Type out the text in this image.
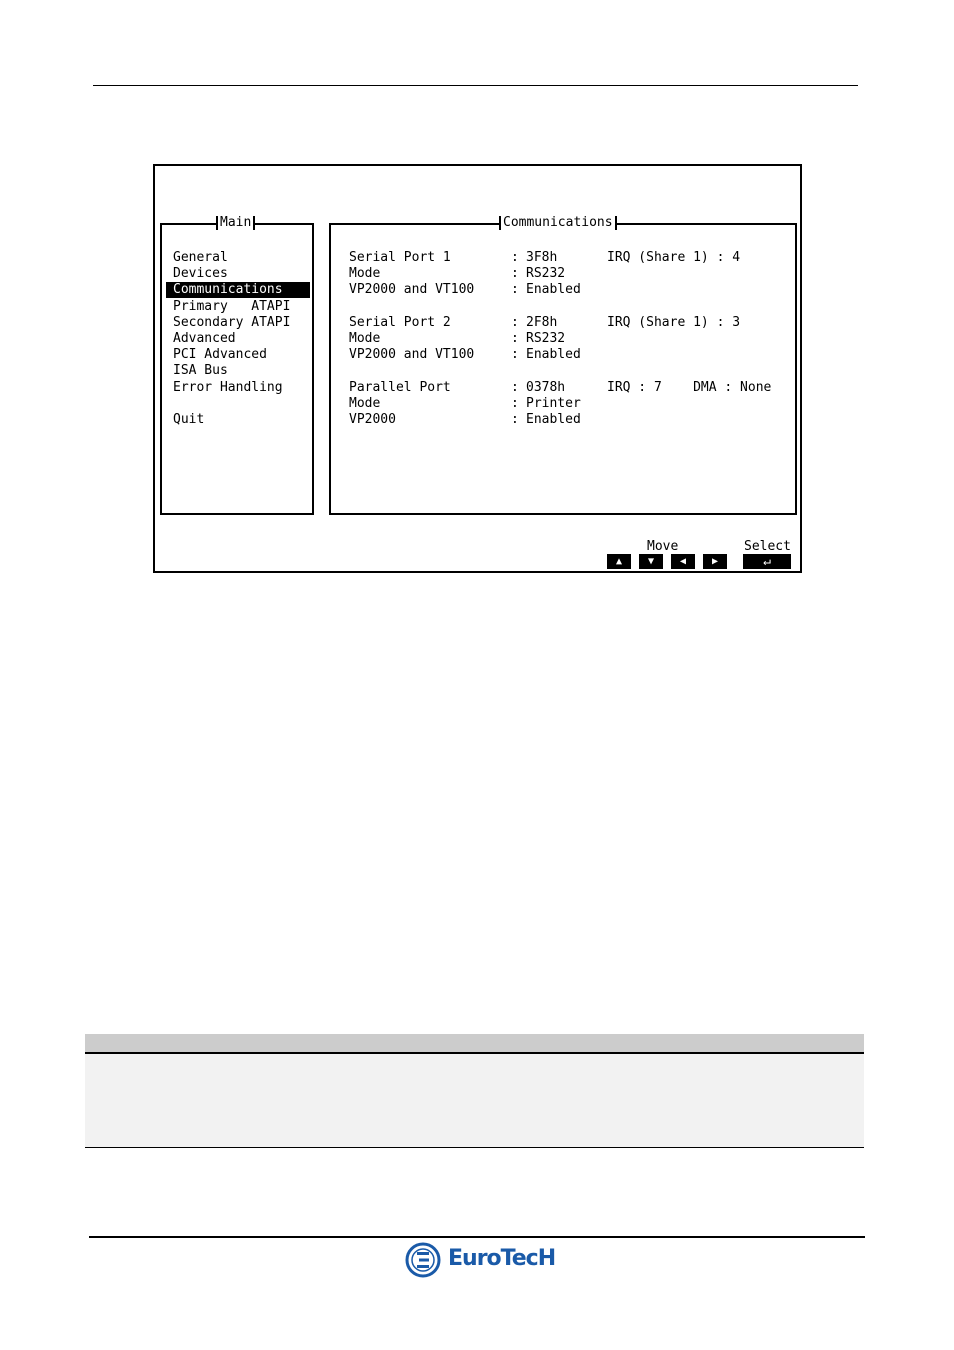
Main
General
Devices
Communications
Primary   ATAPI
Secondary ATAPI
Advanced
PCI Advanced
ISA Bus
Error Handling
Quit
Communications
Serial Port 1	: 3F8h	IRQ (Share 1) : 4
Mode	: RS232
VP2000 and VT100	: Enabled
Serial Port 2	: 2F8h	IRQ (Share 1) : 3
Mode	: RS232
VP2000 and VT100	: Enabled
Parallel Port	: 0378h	IRQ : 7    DMA : None
Mode	: Printer
VP2000	: Enabled
Move	Select
▲	▼	◀	▶	↵
EuroTecH
